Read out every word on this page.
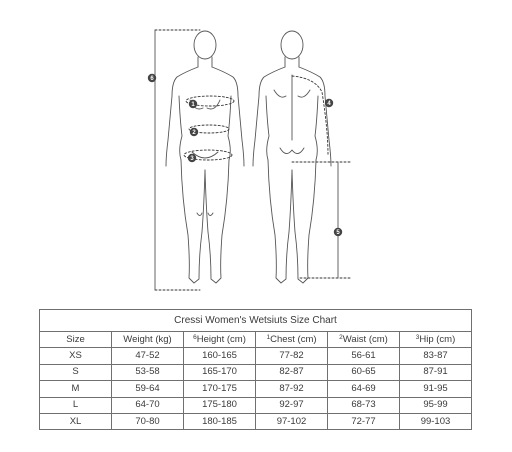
1
2
3
4
5
6
Cressi Women's Wetsiuts Size Chart					
Size	Weight (kg)	$^6$Height (cm)	$^1$Chest (cm)	$^2$Waist (cm)	$^3$Hip (cm)
XS	47-52	160-165	77-82	56-61	83-87
S	53-58	165-170	82-87	60-65	87-91
M	59-64	170-175	87-92	64-69	91-95
L	64-70	175-180	92-97	68-73	95-99
XL	70-80	180-185	97-102	72-77	99-103
